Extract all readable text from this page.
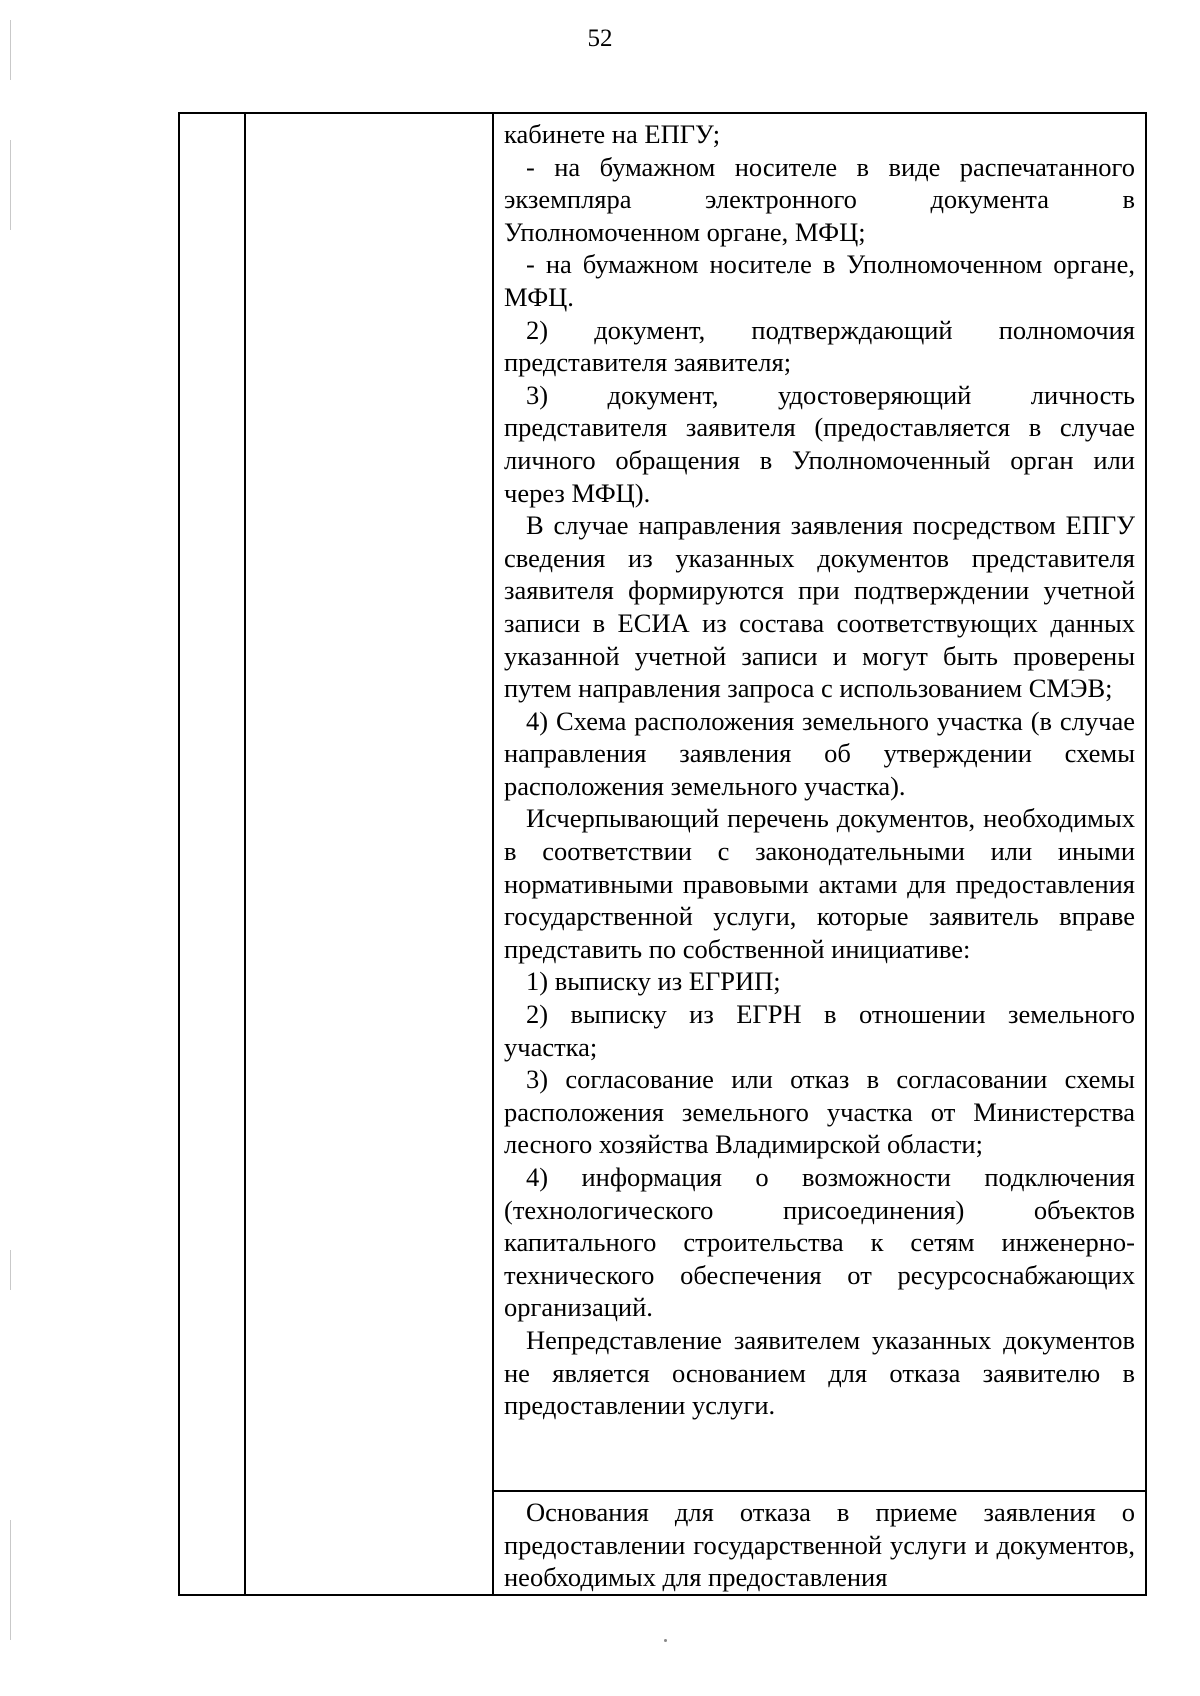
52

кабинете на ЕПГУ;

- на бумажном носителе в виде распечатанного экземпляра электронного документа в Уполномоченном органе, МФЦ;

- на бумажном носителе в Уполномоченном органе, МФЦ.

2) документ, подтверждающий полномочия представителя заявителя;

3) документ, удостоверяющий личность представителя заявителя (предоставляется в случае личного обращения в Уполномоченный орган или через МФЦ).

В случае направления заявления посредством ЕПГУ сведения из указанных документов представителя заявителя формируются при подтверждении учетной записи в ЕСИА из состава соответствующих данных указанной учетной записи и могут быть проверены путем направления запроса с использованием СМЭВ;

4) Схема расположения земельного участка (в случае направления заявления об утверждении схемы расположения земельного участка).

Исчерпывающий перечень документов, необходимых в соответствии с законодательными или иными нормативными правовыми актами для предоставления государственной услуги, которые заявитель вправе представить по собственной инициативе:

1) выписку из ЕГРИП;

2) выписку из ЕГРН в отношении земельного участка;

3) согласование или отказ в согласовании схемы расположения земельного участка от Министерства лесного хозяйства Владимирской области;

4) информация о возможности подключения (технологического присоединения) объектов капитального строительства к сетям инженерно-технического обеспечения от ресурсоснабжающих организаций.

Непредставление заявителем указанных документов не является основанием для отказа заявителю в предоставлении услуги.

Основания для отказа в приеме заявления о предоставлении государственной услуги и документов, необходимых для предоставления
